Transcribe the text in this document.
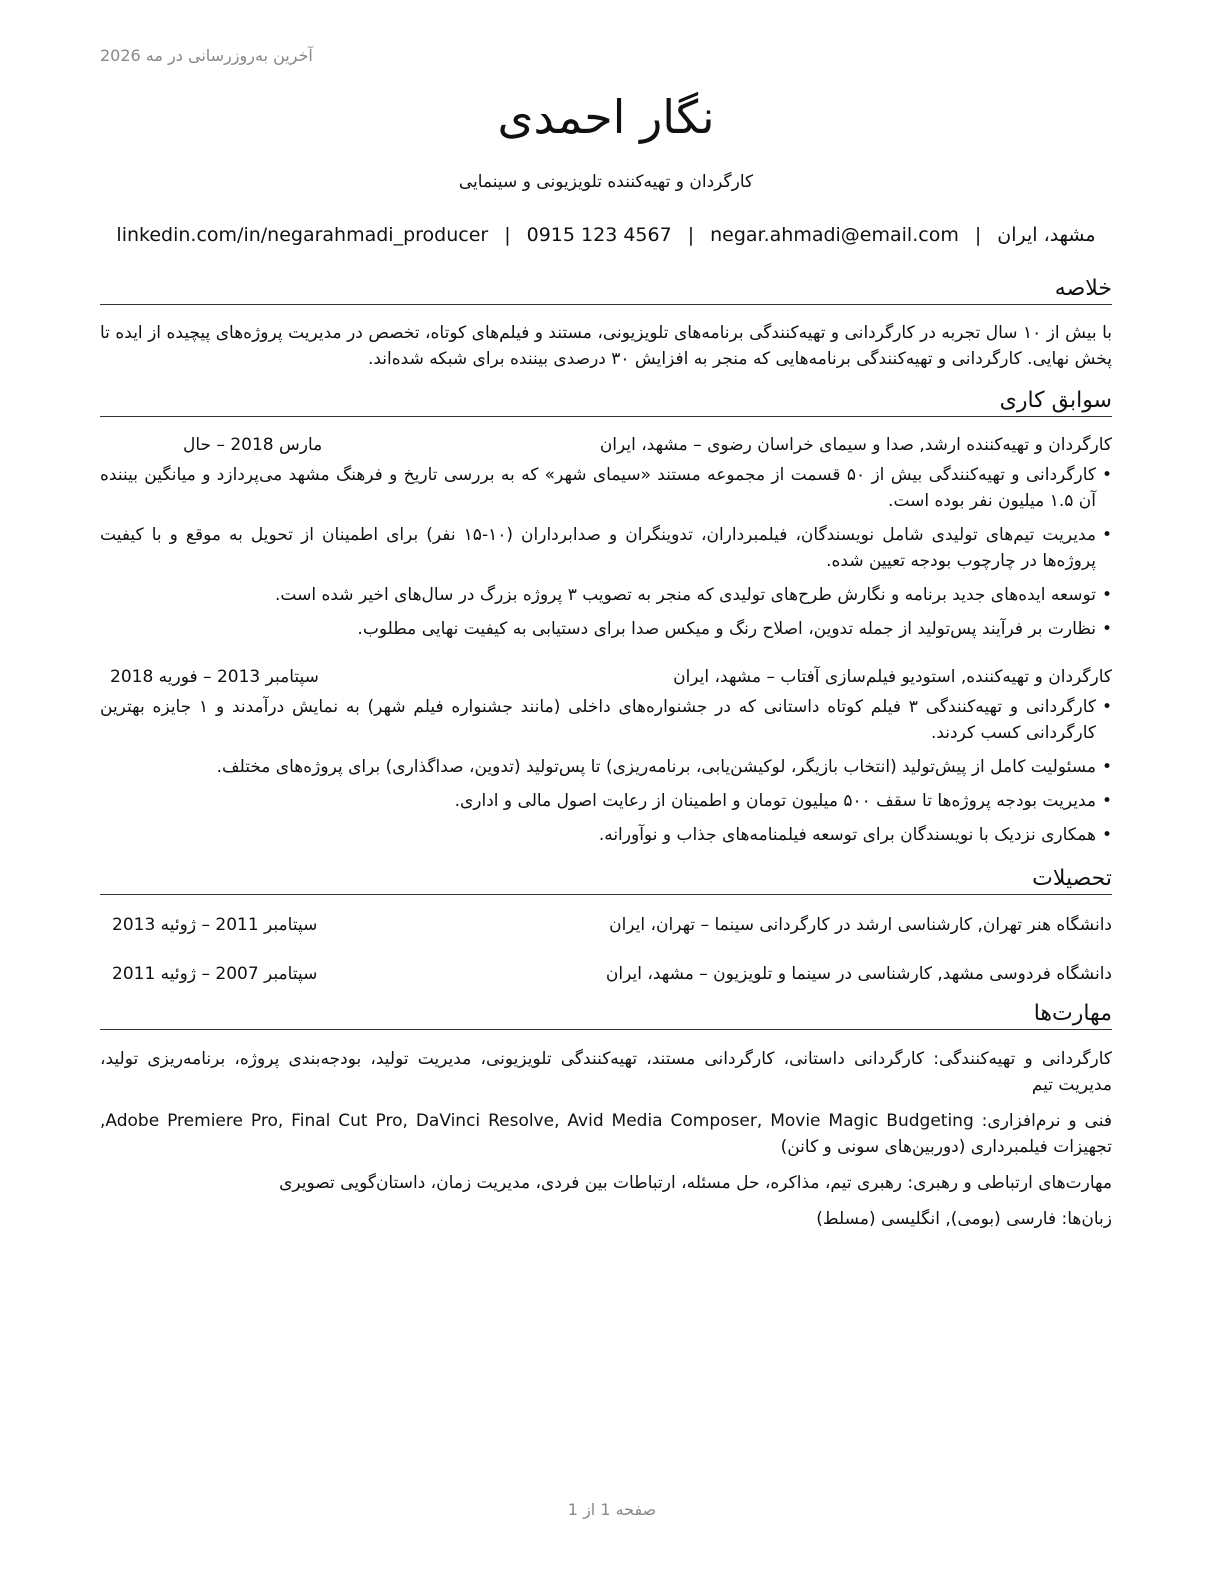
آخرین به‌روزرسانی در مه 2026
نگار احمدی
کارگردان و تهیه‌کننده تلویزیونی و سینمایی
مشهد، ایران|negar.ahmadi@email.com|0915 123 4567|linkedin.com/in/negarahmadi_producer
خلاصه
با بیش از ۱۰ سال تجربه در کارگردانی و تهیه‌کنندگی برنامه‌های تلویزیونی، مستند و فیلم‌های کوتاه، تخصص در مدیریت پروژه‌های پیچیده از ایده تا پخش نهایی. کارگردانی و تهیه‌کنندگی برنامه‌هایی که منجر به افزایش ۳۰ درصدی بیننده برای شبکه شده‌اند.
سوابق کاری
کارگردان و تهیه‌کننده ارشد, صدا و سیمای خراسان رضوی – مشهد، ایران
مارس 2018 – حال
•
کارگردانی و تهیه‌کنندگی بیش از ۵۰ قسمت از مجموعه مستند «سیمای شهر» که به بررسی تاریخ و فرهنگ مشهد می‌پردازد و میانگین بیننده آن ۱.۵ میلیون نفر بوده است.
•
مدیریت تیم‌های تولیدی شامل نویسندگان، فیلمبرداران، تدوینگران و صدابرداران (۱۰-۱۵ نفر) برای اطمینان از تحویل به موقع و با کیفیت پروژه‌ها در چارچوب بودجه تعیین شده.
•
توسعه ایده‌های جدید برنامه و نگارش طرح‌های تولیدی که منجر به تصویب ۳ پروژه بزرگ در سال‌های اخیر شده است.
•
نظارت بر فرآیند پس‌تولید از جمله تدوین، اصلاح رنگ و میکس صدا برای دستیابی به کیفیت نهایی مطلوب.
کارگردان و تهیه‌کننده, استودیو فیلم‌سازی آفتاب – مشهد، ایران
سپتامبر 2013 – فوریه 2018
•
کارگردانی و تهیه‌کنندگی ۳ فیلم کوتاه داستانی که در جشنواره‌های داخلی (مانند جشنواره فیلم شهر) به نمایش درآمدند و ۱ جایزه بهترین کارگردانی کسب کردند.
•
مسئولیت کامل از پیش‌تولید (انتخاب بازیگر، لوکیشن‌یابی، برنامه‌ریزی) تا پس‌تولید (تدوین، صداگذاری) برای پروژه‌های مختلف.
•
مدیریت بودجه پروژه‌ها تا سقف ۵۰۰ میلیون تومان و اطمینان از رعایت اصول مالی و اداری.
•
همکاری نزدیک با نویسندگان برای توسعه فیلمنامه‌های جذاب و نوآورانه.
تحصیلات
دانشگاه هنر تهران, کارشناسی ارشد در کارگردانی سینما – تهران، ایران
سپتامبر 2011 – ژوئیه 2013
دانشگاه فردوسی مشهد, کارشناسی در سینما و تلویزیون – مشهد، ایران
سپتامبر 2007 – ژوئیه 2011
مهارت‌ها

کارگردانی و تهیه‌کنندگی: کارگردانی داستانی، کارگردانی مستند، تهیه‌کنندگی تلویزیونی، مدیریت تولید، بودجه‌بندی پروژه، برنامه‌ریزی تولید، مدیریت تیم

فنی و نرم‌افزاری: Adobe Premiere Pro, Final Cut Pro, DaVinci Resolve, Avid Media Composer, Movie Magic Budgeting, تجهیزات فیلمبرداری (دوربین‌های سونی و کانن)

مهارت‌های ارتباطی و رهبری: رهبری تیم، مذاکره، حل مسئله، ارتباطات بین فردی، مدیریت زمان، داستان‌گویی تصویری

زبان‌ها: فارسی (بومی), انگلیسی (مسلط)

صفحه 1 از 1
